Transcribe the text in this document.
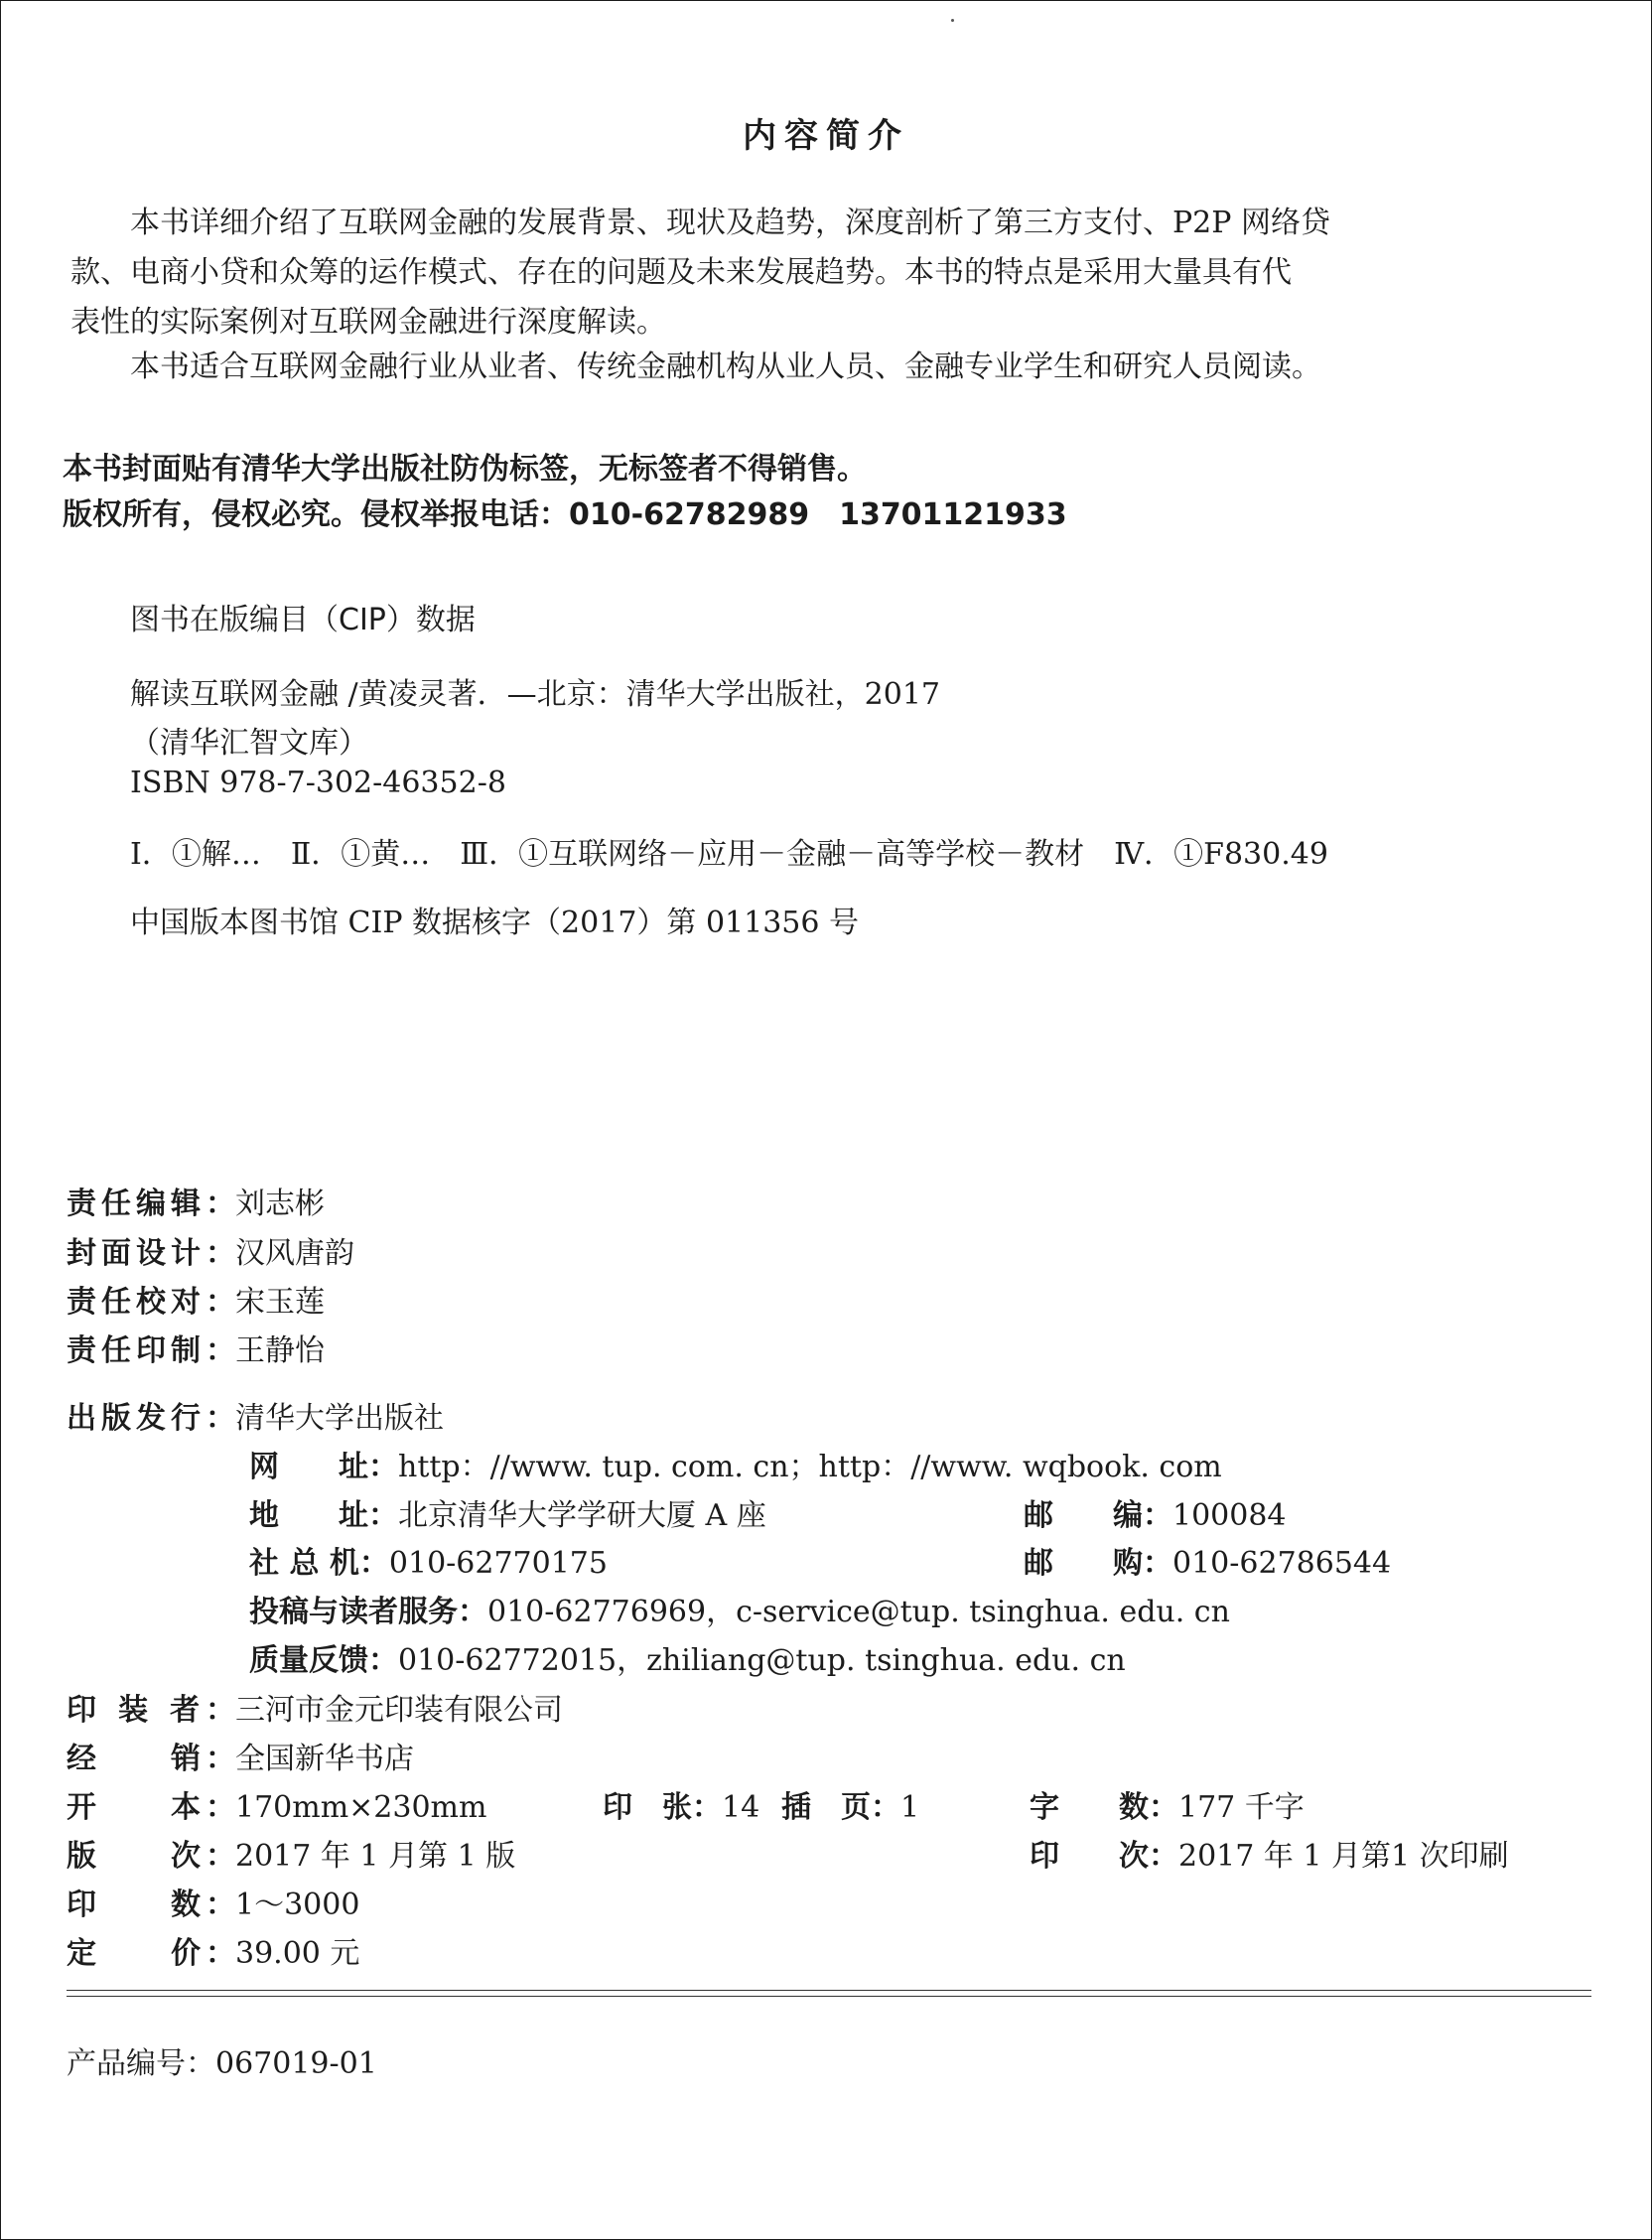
内容简介
本书详细介绍了互联网金融的发展背景、现状及趋势，深度剖析了第三方支付、P2P 网络贷
款、电商小贷和众筹的运作模式、存在的问题及未来发展趋势。本书的特点是采用大量具有代
表性的实际案例对互联网金融进行深度解读。
本书适合互联网金融行业从业者、传统金融机构从业人员、金融专业学生和研究人员阅读。
本书封面贴有清华大学出版社防伪标签，无标签者不得销售。
版权所有，侵权必究。侵权举报电话：010-62782989　13701121933
图书在版编目（CIP）数据
解读互联网金融 /黄凌灵著．—北京：清华大学出版社，2017
（清华汇智文库）
ISBN 978-7-302-46352-8
Ⅰ．①解…　Ⅱ．①黄…　Ⅲ．①互联网络－应用－金融－高等学校－教材　Ⅳ．①F830.49
中国版本图书馆 CIP 数据核字（2017）第 011356 号
责任编辑：刘志彬
封面设计：汉风唐韵
责任校对：宋玉莲
责任印制：王静怡
出版发行：清华大学出版社
网　　址：http：//www. tup. com. cn；http：//www. wqbook. com
地　　址：北京清华大学学研大厦 A 座	邮　　编：100084
社 总 机：010-62770175	邮　　购：010-62786544
投稿与读者服务：010-62776969，c-service@tup. tsinghua. edu. cn
质量反馈：010-62772015，zhiliang@tup. tsinghua. edu. cn
印 装 者：三河市金元印装有限公司
经　　销：全国新华书店
开　　本：170mm×230mm	印　张：14 插　页：1	字　　数：177 千字
版　　次：2017 年 1 月第 1 版	印　　次：2017 年 1 月第1 次印刷
印　　数：1～3000
定　　价：39.00 元
产品编号：067019-01
